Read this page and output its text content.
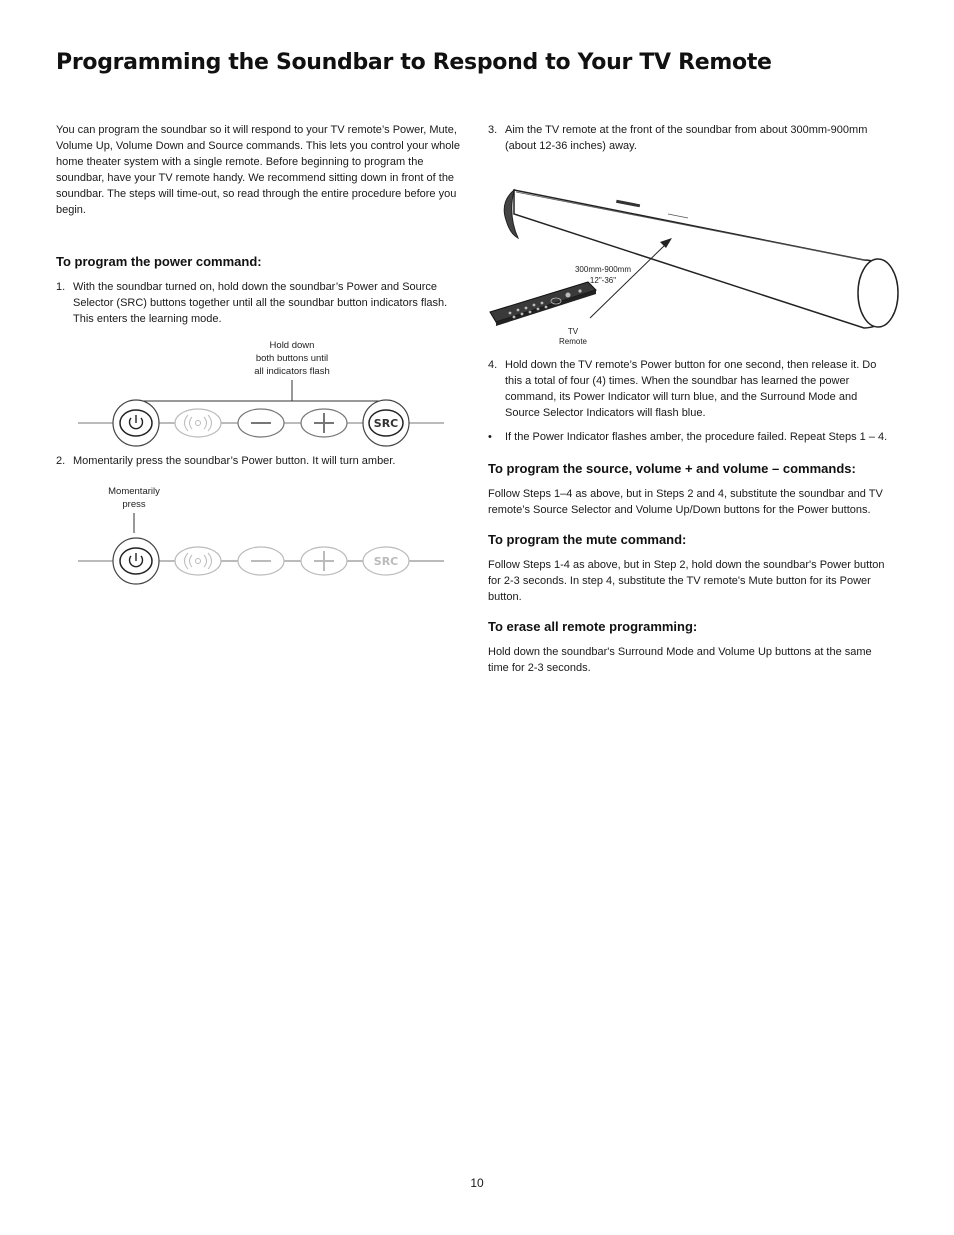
Programming the Soundbar to Respond to Your TV Remote

You can program the soundbar so it will respond to your TV remote’s Power, Mute, Volume Up, Volume Down and Source commands. This lets you control your whole home theater system with a single remote. Before beginning to program the soundbar, have your TV remote handy. We recommend sitting down in front of the soundbar. The steps will time-out, so read through the entire procedure before you begin.

To program the power command:
1. With the soundbar turned on, hold down the soundbar’s Power and Source Selector (SRC) buttons together until all the soundbar button indicators flash. This enters the learning mode.
Hold down
both buttons until
all indicators flash
SRC
2. Momentarily press the soundbar’s Power button. It will turn amber.
Momentarily
press
SRC
3. Aim the TV remote at the front of the soundbar from about 300mm-900mm (about 12-36 inches) away.
300mm-900mm
12"-36"
TV
Remote
4. Hold down the TV remote’s Power button for one second, then release it. Do this a total of four (4) times. When the soundbar has learned the power command, its Power Indicator will turn blue, and the Surround Mode and Source Selector Indicators will flash blue.
•	If the Power Indicator flashes amber, the procedure failed. Repeat Steps 1 – 4.
To program the source, volume + and volume – commands:

Follow Steps 1–4 as above, but in Steps 2 and 4, substitute the soundbar and TV remote’s Source Selector and Volume Up/Down buttons for the Power buttons.

To program the mute command:

Follow Steps 1-4 as above, but in Step 2, hold down the soundbar's Power button for 2-3 seconds. In step 4, substitute the TV remote's Mute button for its Power button.

To erase all remote programming:

Hold down the soundbar's Surround Mode and Volume Up buttons at the same time for 2-3 seconds.

10
